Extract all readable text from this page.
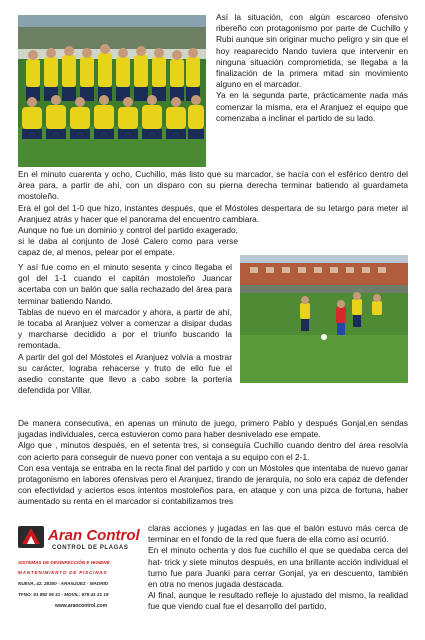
Así la situación, con algún escarceo ofensivo ribereño con protagonismo por parte de Cuchillo y Rubi aunque sin originar mucho peligro y sin que el hoy reaparecido Nando tuviera que intervenir en ninguna situación comprometida, se llegaba a la finalización de la primera mitad sin movimiento alguno en el marcador.

Ya en la segunda parte, prácticamente nada más comenzar la misma, era el Aranjuez el equipo que comenzaba a inclinar el partido de su lado.

En el minuto cuarenta y ocho, Cuchillo, más listo que su marcador, se hacía con el esférico dentro del área para, a partir de ahí, con un disparo con su pierna derecha terminar batiendo al guardameta mostoleño.

Era el gol del 1-0 que hizo, instantes después, que el Móstoles despertara de su letargo para meter al Aranjuez atrás y hacer que el panorama del encuentro cambiara.

Aunque no fue un dominio y control del partido exagerado, si le daba al conjunto de José Calero como para verse capaz de, al menos, pelear por el empate.

Y así fue como en el minuto sesenta y cinco llegaba el gol del 1-1 cuando el capitán mostoleño Juancar acertaba con un balón que salía rechazado del área para terminar batiendo Nando.

Tablas de nuevo en el marcador y ahora, a partir de ahí, le tocaba al Aranjuez volver a comenzar a disipar dudas y marcharse decidido a por el triunfo buscando la remontada.

A partir del gol del Móstoles el Aranjuez volvía a mostrar su carácter, lograba rehacerse y fruto de ello fue el asedio constante que llevo a cabo sobre la portería defendida por Villar.

De manera consecutiva, en apenas un minuto de juego, primero Pablo y después Gonjal,en sendas jugadas individuales, cerca estuvieron como para haber desnivelado ese empate.

Algo que , minutos después, en el setenta tres, si conseguía Cuchillo cuando dentro del área resolvía con acierto para conseguir de nuevo poner con ventaja a su equipo con el 2-1.

Con esa ventaja se entraba en la recta final del partido y con un Móstoles que intentaba de nuevo ganar protagonismo en labores ofensivas pero el Aranjuez, tirando de jerarquía, no solo era capaz de defender con efectividad y aciertos esos intentos mostoleños para, en ataque y con una pizca de fortuna, haber aumentado su renta en el marcador si contabilizamos tres

Aran Control
CONTROL DE PLAGAS
SISTEMAS DE DESINFECCIÓN E HIGIENE
MANTENIMIENTO DE PISCINAS
NUEVA, 42. 28300 · ARANJUEZ · MADRID
TFNO: 91 892 08 31 · MOVIL: 679 41 21 19
www.arancontrol.com

claras acciones y jugadas en las que el balón estuvo más cerca de terminar en el fondo de la red que fuera de ella como así ocurrió.

En el minuto ochenta y dos fue cuchillo el que se quedaba cerca del hat- trick y siete minutos después, en una brillante acción individual el turno fue para Juanki para cerrar Gonjal, ya en descuento, también en otra no menos jugada destacada.

Al final, aunque le resultado refleje lo ajustado del mismo, la realidad fue que viendo cual fue el desarrollo del partido,
